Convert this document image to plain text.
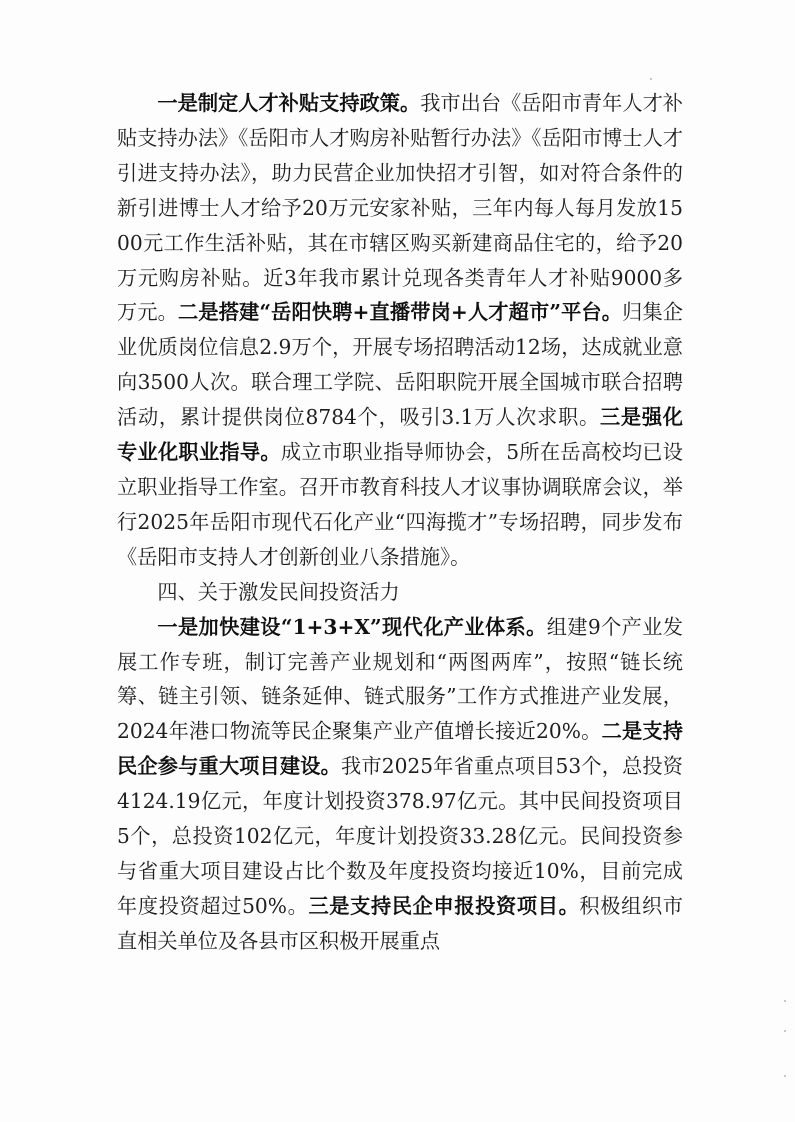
一是制定人才补贴支持政策。我市出台《岳阳市青年人才补贴支持办法》《岳阳市人才购房补贴暂行办法》《岳阳市博士人才引进支持办法》，助力民营企业加快招才引智，如对符合条件的新引进博士人才给予20万元安家补贴，三年内每人每月发放1500元工作生活补贴，其在市辖区购买新建商品住宅的，给予20万元购房补贴。近3年我市累计兑现各类青年人才补贴9000多万元。二是搭建“岳阳快聘+直播带岗+人才超市”平台。归集企业优质岗位信息2.9万个，开展专场招聘活动12场，达成就业意向3500人次。联合理工学院、岳阳职院开展全国城市联合招聘活动，累计提供岗位8784个，吸引3.1万人次求职。三是强化专业化职业指导。成立市职业指导师协会，5所在岳高校均已设立职业指导工作室。召开市教育科技人才议事协调联席会议，举行2025年岳阳市现代石化产业“四海揽才”专场招聘，同步发布《岳阳市支持人才创新创业八条措施》。

四、关于激发民间投资活力

一是加快建设“1+3+X”现代化产业体系。组建9个产业发展工作专班，制订完善产业规划和“两图两库”，按照“链长统筹、链主引领、链条延伸、链式服务”工作方式推进产业发展，2024年港口物流等民企聚集产业产值增长接近20%。二是支持民企参与重大项目建设。我市2025年省重点项目53个，总投资4124.19亿元，年度计划投资378.97亿元。其中民间投资项目5个，总投资102亿元，年度计划投资33.28亿元。民间投资参与省重大项目建设占比个数及年度投资均接近10%，目前完成年度投资超过50%。三是支持民企申报投资项目。积极组织市直相关单位及各县市区积极开展重点
